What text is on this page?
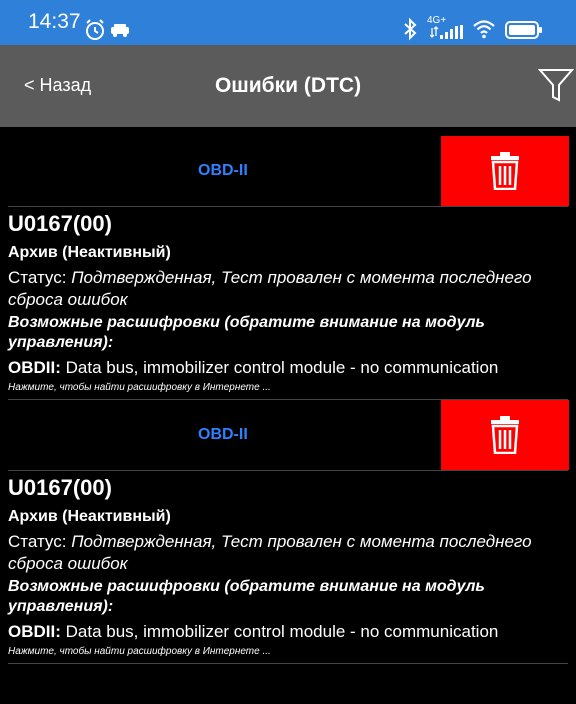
14:37	4G+
< Назад	Ошибки (DTC)
OBD-II
U0167(00)
Архив (Неактивный)
Статус: Подтвержденная, Тест провален с момента последнего сброса ошибок
Возможные расшифровки (обратите внимание на модуль управления):
OBDII: Data bus, immobilizer control module - no communication
Нажмите, чтобы найти расшифровку в Интернете ...
OBD-II
U0167(00)
Архив (Неактивный)
Статус: Подтвержденная, Тест провален с момента последнего сброса ошибок
Возможные расшифровки (обратите внимание на модуль управления):
OBDII: Data bus, immobilizer control module - no communication
Нажмите, чтобы найти расшифровку в Интернете ...
